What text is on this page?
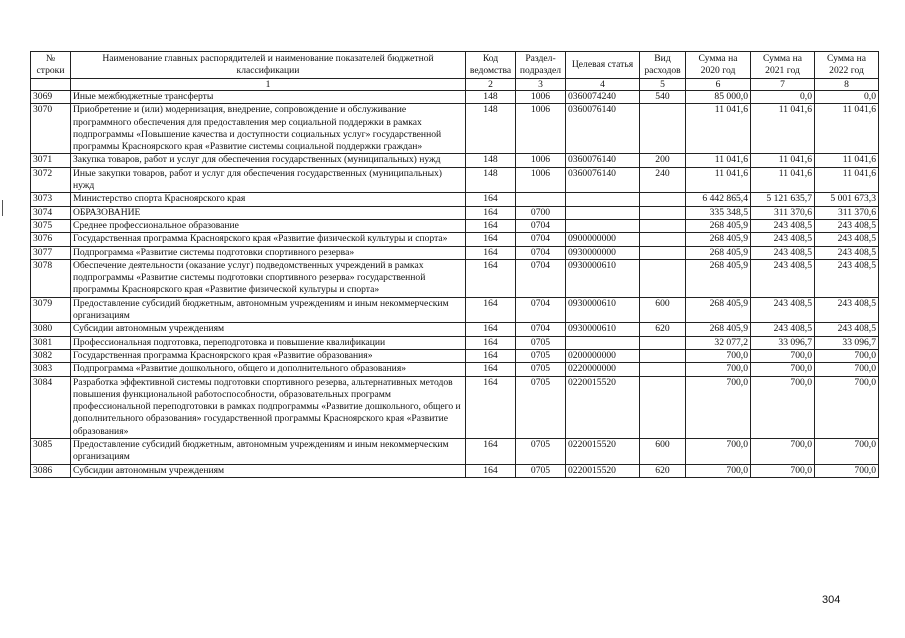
№ строки	Наименование главных распорядителей и наименование показателей бюджетной классификации	Код ведомства	Раздел-подраздел	Целевая статья	Вид расходов	Сумма на 2020 год	Сумма на 2021 год	Сумма на 2022 год
	1	2	3	4	5	6	7	8
3069	Иные межбюджетные трансферты	148	1006	0360074240	540	85 000,0	0,0	0,0
3070	Приобретение и (или) модернизация, внедрение, сопровождение и обслуживание программного обеспечения для предоставления мер социальной поддержки в рамках подпрограммы «Повышение качества и доступности социальных услуг» государственной программы Красноярского края «Развитие системы социальной поддержки граждан»	148	1006	0360076140		11 041,6	11 041,6	11 041,6
3071	Закупка товаров, работ и услуг для обеспечения государственных (муниципальных) нужд	148	1006	0360076140	200	11 041,6	11 041,6	11 041,6
3072	Иные закупки товаров, работ и услуг для обеспечения государственных (муниципальных) нужд	148	1006	0360076140	240	11 041,6	11 041,6	11 041,6
3073	Министерство спорта Красноярского края	164				6 442 865,4	5 121 635,7	5 001 673,3
3074	ОБРАЗОВАНИЕ	164	0700			335 348,5	311 370,6	311 370,6
3075	Среднее профессиональное образование	164	0704			268 405,9	243 408,5	243 408,5
3076	Государственная программа Красноярского края «Развитие физической культуры и спорта»	164	0704	0900000000		268 405,9	243 408,5	243 408,5
3077	Подпрограмма «Развитие системы подготовки спортивного резерва»	164	0704	0930000000		268 405,9	243 408,5	243 408,5
3078	Обеспечение деятельности (оказание услуг) подведомственных учреждений в рамках подпрограммы «Развитие системы подготовки спортивного резерва» государственной программы Красноярского края «Развитие физической культуры и спорта»	164	0704	0930000610		268 405,9	243 408,5	243 408,5
3079	Предоставление субсидий бюджетным, автономным учреждениям и иным некоммерческим организациям	164	0704	0930000610	600	268 405,9	243 408,5	243 408,5
3080	Субсидии автономным учреждениям	164	0704	0930000610	620	268 405,9	243 408,5	243 408,5
3081	Профессиональная подготовка, переподготовка и повышение квалификации	164	0705			32 077,2	33 096,7	33 096,7
3082	Государственная программа Красноярского края «Развитие образования»	164	0705	0200000000		700,0	700,0	700,0
3083	Подпрограмма «Развитие дошкольного, общего и дополнительного образования»	164	0705	0220000000		700,0	700,0	700,0
3084	Разработка эффективной системы подготовки спортивного резерва, альтернативных методов повышения функциональной работоспособности, образовательных программ профессиональной переподготовки в рамках подпрограммы «Развитие дошкольного, общего и дополнительного образования» государственной программы Красноярского края «Развитие образования»	164	0705	0220015520		700,0	700,0	700,0
3085	Предоставление субсидий бюджетным, автономным учреждениям и иным некоммерческим организациям	164	0705	0220015520	600	700,0	700,0	700,0
3086	Субсидии автономным учреждениям	164	0705	0220015520	620	700,0	700,0	700,0
304
